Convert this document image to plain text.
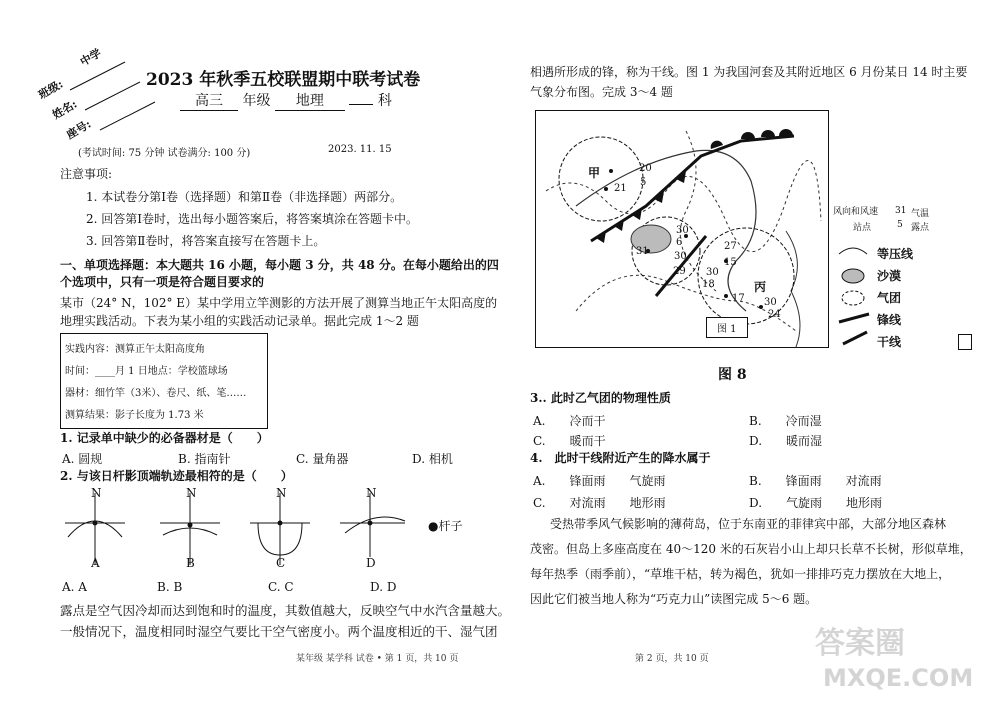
中学
班级:
姓名:
座号:
2023 年秋季五校联盟期中联考试卷
高三 年级 地理	科
(考试时间: 75 分钟 试卷满分: 100 分)	2023. 11. 15
注意事项:
1. 本试卷分第Ⅰ卷（选择题）和第Ⅱ卷（非选择题）两部分。
2. 回答第Ⅰ卷时，选出每小题答案后，将答案填涂在答题卡中。
3. 回答第Ⅱ卷时，将答案直接写在答题卡上。
一、单项选择题：本大题共 16 小题，每小题 3 分，共 48 分。在每小题给出的四
个选项中，只有一项是符合题目要求的
某市（24° N，102° E）某中学用立竿测影的方法开展了测算当地正午太阳高度的
地理实践活动。下表为某小组的实践活动记录单。据此完成 1～2 题
实践内容：测算正午太阳高度角
时间：____月 1 日地点：学校篮球场
器材：细竹竿（3米）、卷尺、纸、笔……
测算结果：影子长度为 1.73 米
1. 记录单中缺少的必备器材是（　　）
A. 圆规	B. 指南针	C. 量角器	D. 相机
2. 与该日杆影顶端轨迹最相符的是（　　）
N	N	N	N
A	B	C	D
●杆子
A. A	B. B	C. C	D. D
露点是空气因冷却而达到饱和时的温度，其数值越大，反映空气中水汽含量越大。
一般情况下，温度相同时湿空气要比干空气密度小。两个温度相近的干、湿气团
某年级 某学科 试卷 • 第 1 页，共 10 页
相遇所形成的锋，称为干线。图 1 为我国河套及其附近地区 6 月份某日 14 时主要
气象分布图。完成 3～4 题
甲
丙
20
5
21
31
30
6
30
29
27
15
18
30
17 30
24
图 1
风向和风速
站点
31 气温
5 露点
等压线
沙漠
气团
锋线
干线
图 8
3.. 此时乙气团的物理性质
A.　　冷而干	B.　　冷而湿
C.　　暖而干	D.　　暖而湿
4.　此时干线附近产生的降水属于
A.　　锋面雨　　气旋雨	B.　　锋面雨　　对流雨
C.　　对流雨　　地形雨	D.　　气旋雨　　地形雨
受热带季风气候影响的薄荷岛，位于东南亚的菲律宾中部，大部分地区森林
茂密。但岛上多座高度在 40～120 米的石灰岩小山上却只长草不长树，形似草堆，
每年热季（雨季前），“草堆干枯，转为褐色，犹如一排排巧克力摆放在大地上，
因此它们被当地人称为“巧克力山”读图完成 5～6 题。
第 2 页，共 10 页	答案圈
MXQE.COM
